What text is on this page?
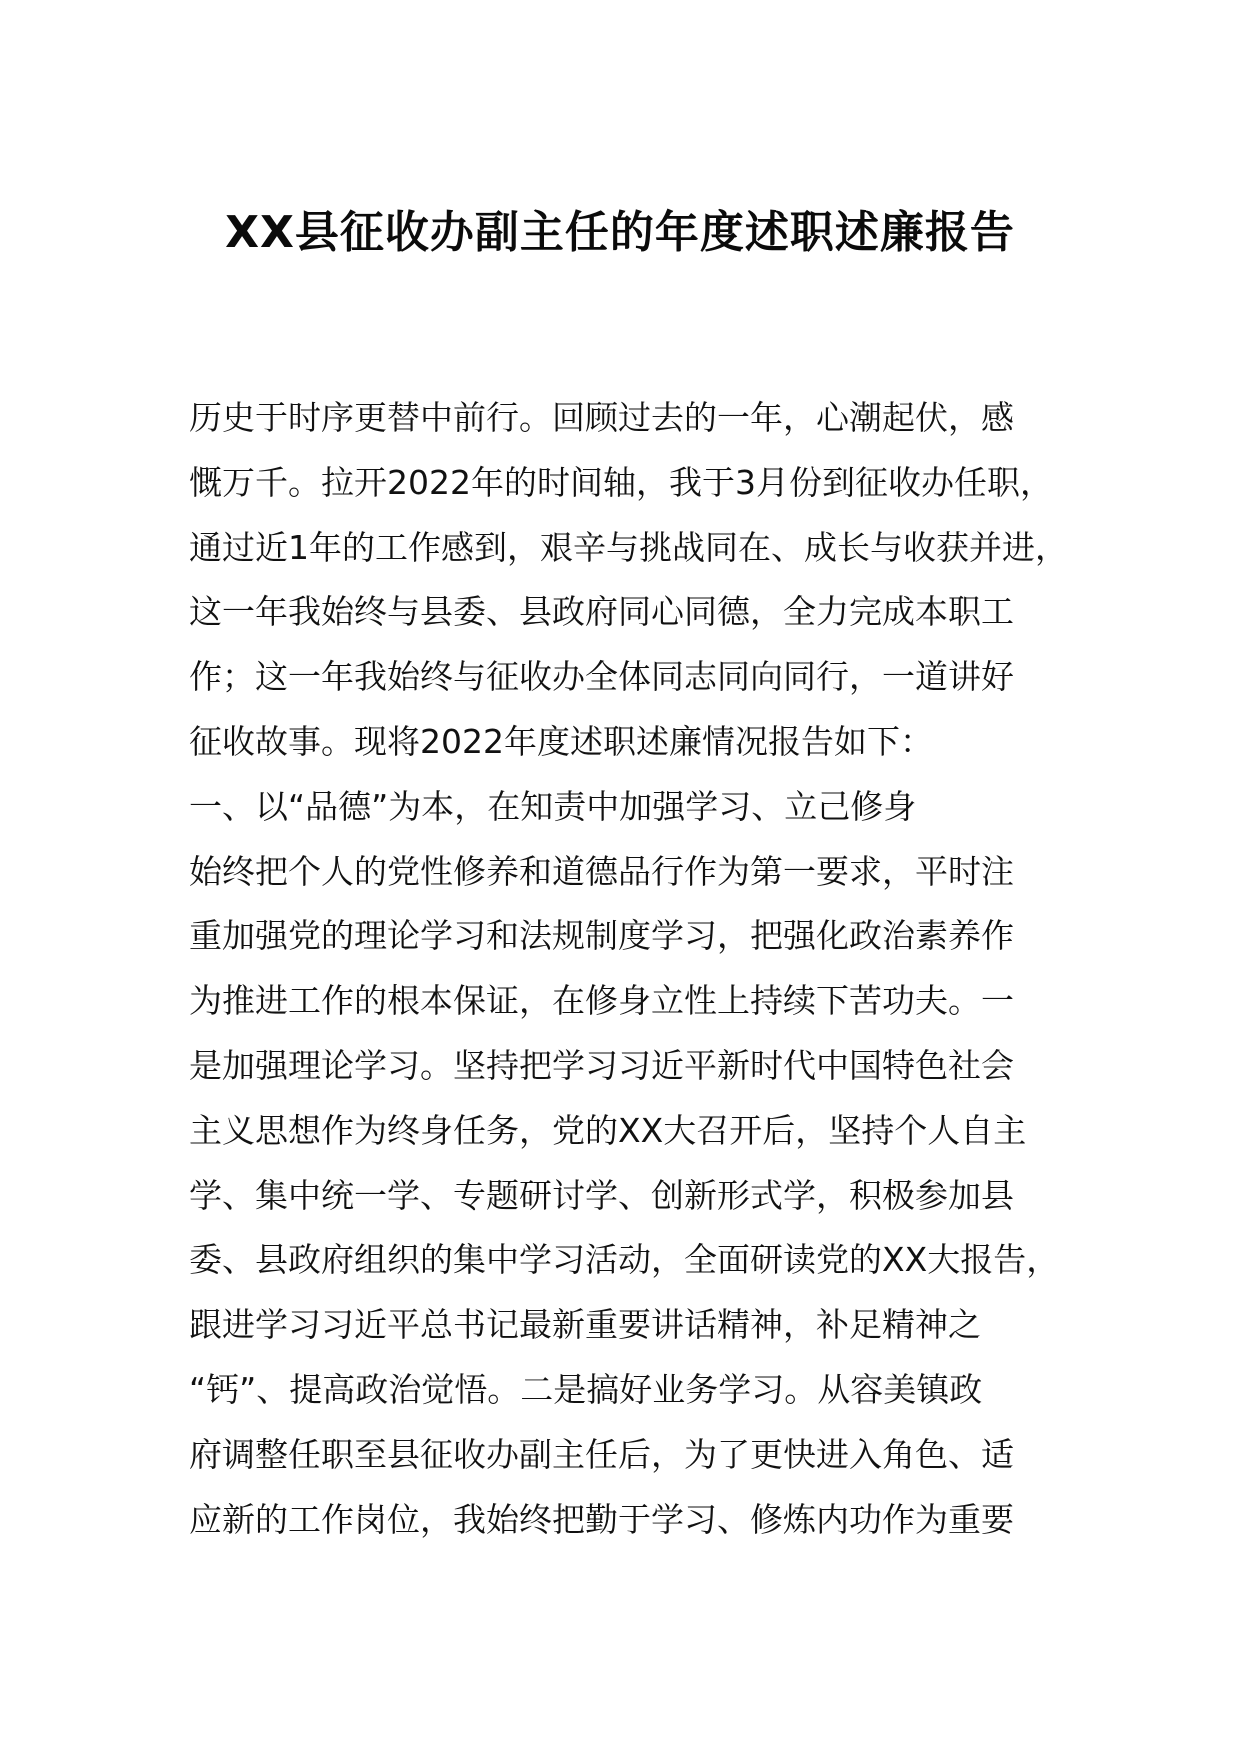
XX县征收办副主任的年度述职述廉报告
历史于时序更替中前行。回顾过去的一年，心潮起伏，感
慨万千。拉开2022年的时间轴，我于3月份到征收办任职，
通过近1年的工作感到，艰辛与挑战同在、成长与收获并进，
这一年我始终与县委、县政府同心同德，全力完成本职工
作；这一年我始终与征收办全体同志同向同行，一道讲好
征收故事。现将2022年度述职述廉情况报告如下：
一、以“品德”为本，在知责中加强学习、立己修身
始终把个人的党性修养和道德品行作为第一要求，平时注
重加强党的理论学习和法规制度学习，把强化政治素养作
为推进工作的根本保证，在修身立性上持续下苦功夫。一
是加强理论学习。坚持把学习习近平新时代中国特色社会
主义思想作为终身任务，党的XX大召开后，坚持个人自主
学、集中统一学、专题研讨学、创新形式学，积极参加县
委、县政府组织的集中学习活动，全面研读党的XX大报告，
跟进学习习近平总书记最新重要讲话精神，补足精神之
“钙”、提高政治觉悟。二是搞好业务学习。从容美镇政
府调整任职至县征收办副主任后，为了更快进入角色、适
应新的工作岗位，我始终把勤于学习、修炼内功作为重要
